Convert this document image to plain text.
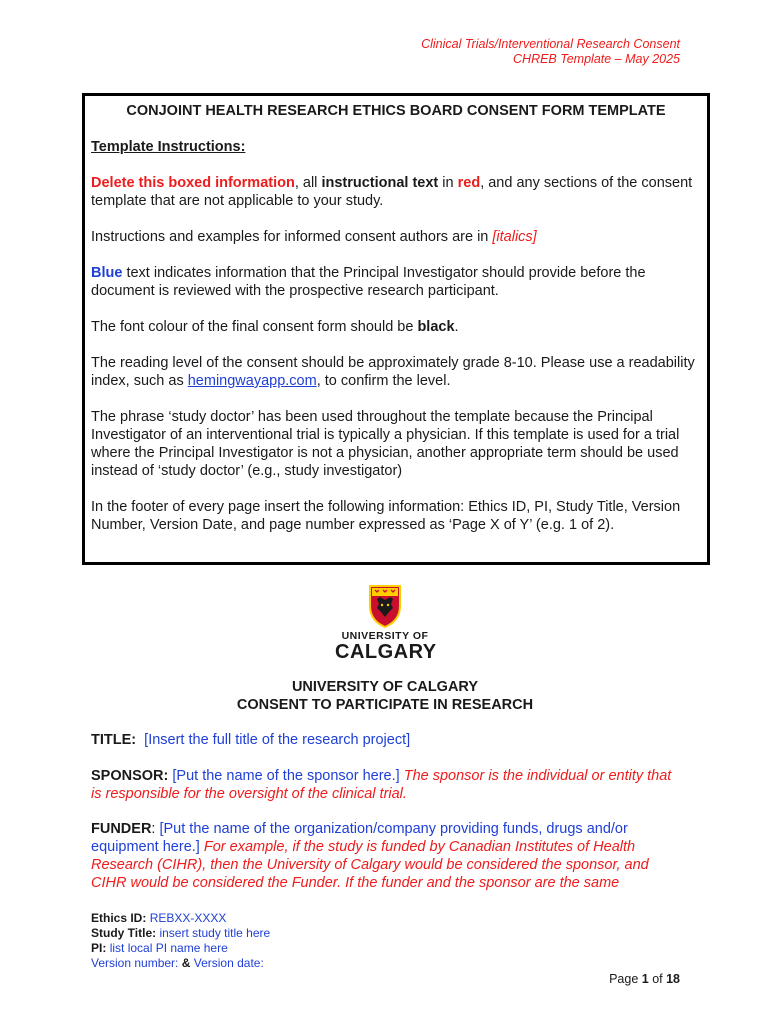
Clinical Trials/Interventional Research Consent
CHREB Template – May 2025

CONJOINT HEALTH RESEARCH ETHICS BOARD CONSENT FORM TEMPLATE

Template Instructions:

Delete this boxed information, all instructional text in red, and any sections of the consent template that are not applicable to your study.

Instructions and examples for informed consent authors are in [italics]

Blue text indicates information that the Principal Investigator should provide before the document is reviewed with the prospective research participant.

The font colour of the final consent form should be black.

The reading level of the consent should be approximately grade 8-10. Please use a readability index, such as hemingwayapp.com, to confirm the level.

The phrase ‘study doctor’ has been used throughout the template because the Principal Investigator of an interventional trial is typically a physician. If this template is used for a trial where the Principal Investigator is not a physician, another appropriate term should be used instead of ‘study doctor’ (e.g., study investigator)

In the footer of every page insert the following information: Ethics ID, PI, Study Title, Version Number, Version Date, and page number expressed as ‘Page X of Y’ (e.g. 1 of 2).

UNIVERSITY OF
CALGARY
UNIVERSITY OF CALGARY
CONSENT TO PARTICIPATE IN RESEARCH

TITLE: [Insert the full title of the research project]

SPONSOR: [Put the name of the sponsor here.] The sponsor is the individual or entity that is responsible for the oversight of the clinical trial.

FUNDER: [Put the name of the organization/company providing funds, drugs and/or equipment here.] For example, if the study is funded by Canadian Institutes of Health Research (CIHR), then the University of Calgary would be considered the sponsor, and CIHR would be considered the Funder. If the funder and the sponsor are the same

Ethics ID: REBXX-XXXX
Study Title: insert study title here
PI: list local PI name here
Version number: & Version date:
Page 1 of 18
